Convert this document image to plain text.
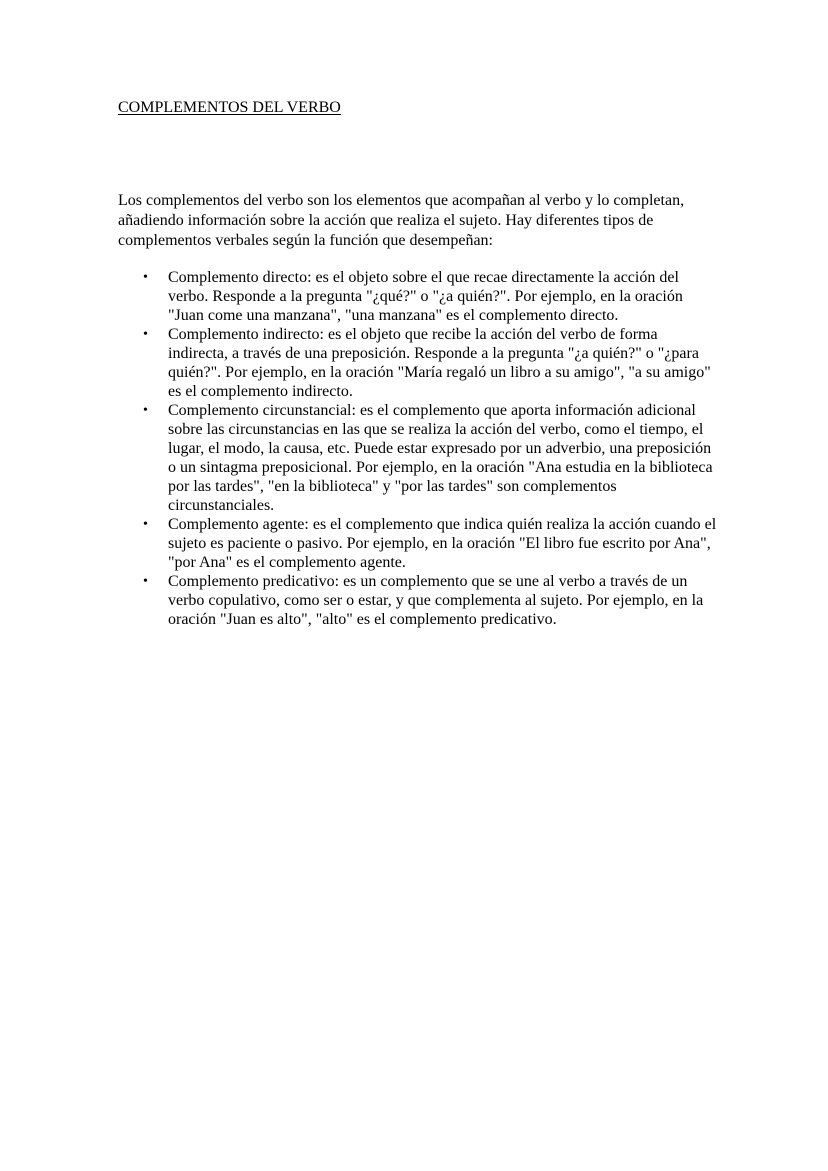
COMPLEMENTOS DEL VERBO

Los complementos del verbo son los elementos que acompañan al verbo y lo completan, añadiendo información sobre la acción que realiza el sujeto. Hay diferentes tipos de complementos verbales según la función que desempeñan:

• Complemento directo: es el objeto sobre el que recae directamente la acción del verbo. Responde a la pregunta "¿qué?" o "¿a quién?". Por ejemplo, en la oración "Juan come una manzana", "una manzana" es el complemento directo.
• Complemento indirecto: es el objeto que recibe la acción del verbo de forma indirecta, a través de una preposición. Responde a la pregunta "¿a quién?" o "¿para quién?". Por ejemplo, en la oración "María regaló un libro a su amigo", "a su amigo" es el complemento indirecto.
• Complemento circunstancial: es el complemento que aporta información adicional sobre las circunstancias en las que se realiza la acción del verbo, como el tiempo, el lugar, el modo, la causa, etc. Puede estar expresado por un adverbio, una preposición o un sintagma preposicional. Por ejemplo, en la oración "Ana estudia en la biblioteca por las tardes", "en la biblioteca" y "por las tardes" son complementos circunstanciales.
• Complemento agente: es el complemento que indica quién realiza la acción cuando el sujeto es paciente o pasivo. Por ejemplo, en la oración "El libro fue escrito por Ana", "por Ana" es el complemento agente.
• Complemento predicativo: es un complemento que se une al verbo a través de un verbo copulativo, como ser o estar, y que complementa al sujeto. Por ejemplo, en la oración "Juan es alto", "alto" es el complemento predicativo.
